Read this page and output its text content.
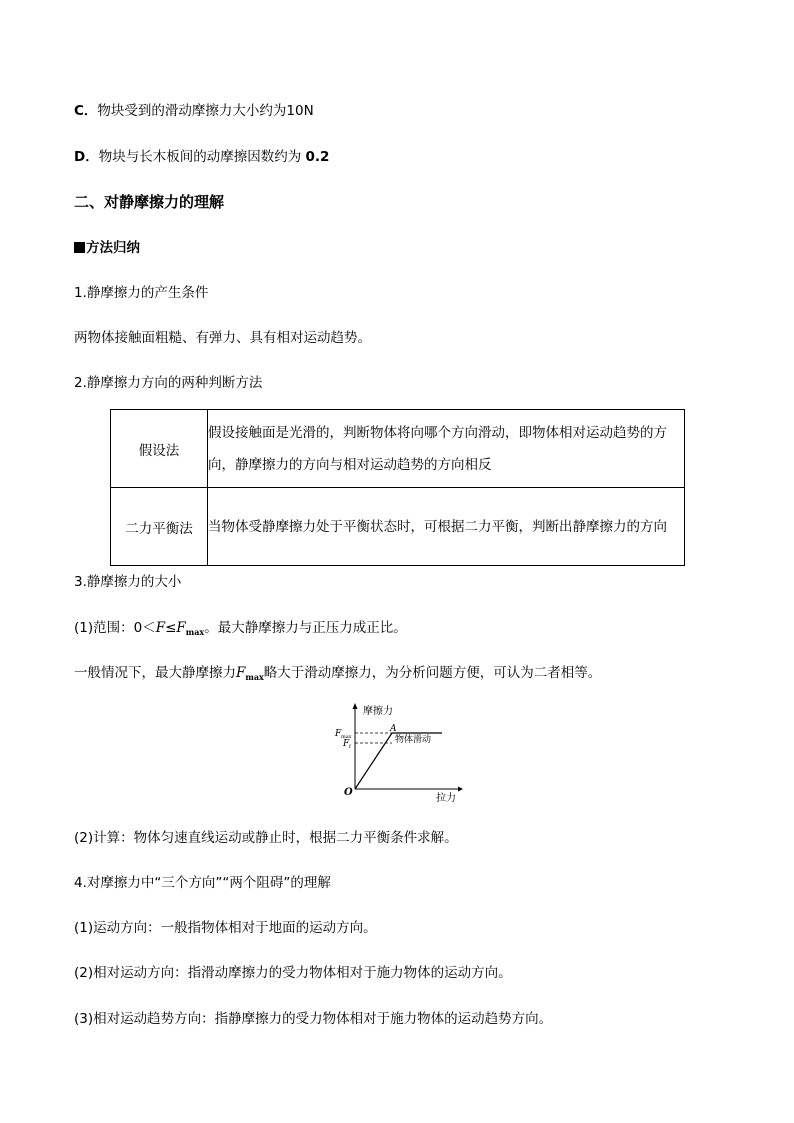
C．物块受到的滑动摩擦力大小约为10N
D．物块与长木板间的动摩擦因数约为 0.2
二、对静摩擦力的理解
方法归纳
1.静摩擦力的产生条件
两物体接触面粗糙、有弹力、具有相对运动趋势。
2.静摩擦力方向的两种判断方法
假设法	假设接触面是光滑的，判断物体将向哪个方向滑动，即物体相对运动趋势的方向，静摩擦力的方向与相对运动趋势的方向相反
二力平衡法	当物体受静摩擦力处于平衡状态时，可根据二力平衡，判断出静摩擦力的方向
3.静摩擦力的大小
(1)范围：$0<F\le F_{max}$。最大静摩擦力与正压力成正比。
一般情况下，最大静摩擦力$F_{max}$略大于滑动摩擦力，为分析问题方便，可认为二者相等。
摩擦力
拉力
O
F max
F f
A
物体滑动
(2)计算：物体匀速直线运动或静止时，根据二力平衡条件求解。
4.对摩擦力中“三个方向”“两个阻碍”的理解
(1)运动方向：一般指物体相对于地面的运动方向。
(2)相对运动方向：指滑动摩擦力的受力物体相对于施力物体的运动方向。
(3)相对运动趋势方向：指静摩擦力的受力物体相对于施力物体的运动趋势方向。
